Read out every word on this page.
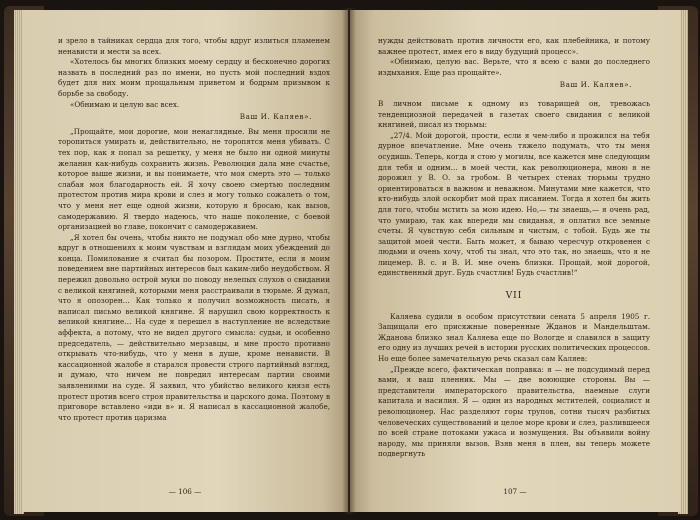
и зрело в тайниках сердца для того, чтобы вдруг излиться пламенем ненависти и мести за всех.

«Хотелось бы многих близких моему сердцу и бесконечно дорогих назвать в последний раз по имени, но пусть мой последний вздох будет для них моим прощальным приветом и бодрым призывом к борьбе за свободу.

«Обнимаю и целую вас всех.

Ваш И. Каляев».

„Прощайте, мои дорогие, мои ненаглядные. Вы меня просили не торопиться умирать и, действительно, не торопятся меня убивать. С тех пор, как я попал за решетку, у меня не было ни одной минуты желания как-нибудь сохранить жизнь. Революция дала мне счастье, которое выше жизни, и вы понимаете, что моя смерть это — только слабая моя благодарность ей. Я хочу своею смертью последним протестом против мира крови и слез и могу только сожалеть о том, что у меня нет еще одной жизни, которую я бросаю, как вызов, самодержавию. Я твердо надеюсь, что наше поколение, с боевой организацией во главе, покончит с самодержавием.

„Я хотел бы очень, чтобы никто не подумал обо мне дурно, чтобы вдруг в отношениях к моим чувствам и взглядам моих убеждений до конца. Помилование я считал бы позором. Простите, если я моим поведением вне партийных интересов был каким-либо неудобством. Я пережил довольно острой муки по поводу нелепых слухов о свидании с великой княгиней, которыми меня расстраивали в тюрьме. Я думал, что я опозорен… Как только я получил возможность писать, я написал письмо великой княгине. Я нарушил свою корректность к великой княгине… На суде я перешел в наступление не вследствие аффекта, а потому, что не видел другого смысла: судьи, и особенно председатель, — действительно мерзавцы, и мне просто противно открывать что-нибудь, что у меня в душе, кроме ненависти. В кассационной жалобе я старался провести строго партийный взгляд, и думаю, что ничем не повредил интересам партии своими заявлениями на суде. Я заявил, что убийство великого князя есть протест против всего строя правительства и царского дома. Поэтому в приговоре вставлено «иди в» и. Я написал в кассационной жалобе, что протест против царизма

— 106 —

нужды действовать против личности его, как плебейника, и потому важнее протест, имея его в виду будущий процесс».

«Обнимаю, целую вас. Верьте, что я всею с вами до последнего издыхания. Еще раз прощайте».

Ваш И. Каляев».

В личном письме к одному из товарищей он, тревожась тенденциозной передачей в газетах своего свидания с великой княгиней, писал из тюрьмы:

„27/4. Мой дорогой, прости, если я чем-либо я прожился на тебя дурное впечатление. Мне очень тяжело подумать, что ты меня осудишь. Теперь, когда я стою у могилы, все кажется мне следующим для тебя и одним… в моей чести, как революционера, мною я не дорожил у В. О. за гробом. В четырех стенах тюрьмы трудно ориентироваться в важном и неважном. Минутами мне кажется, что кто-нибудь злой оскорбит мой прах писанием. Тогда я хотел бы жить для того, чтобы мстить за мою идею. Но,— ты знаешь,— я очень рад, что умираю, так как впереди мы свиданья, я оплатил все земные счеты. Я чувствую себя сильным и чистым, с тобой. Будь же ты защитой моей чести. Быть может, я бываю чересчур откровенен с людьми и очень хочу, чтоб ты знал, что это так, но знаешь, что я не лицемер. В. с. и В. И. мне очень близки. Прощай, мой дорогой, единственный друг. Будь счастлив! Будь счастлив!“

VII

Каляева судили в особом присутствии сената 5 апреля 1905 г. Защищали его присяжные поверенные Жданов и Мандельштам. Жданова близко знал Каляева еще по Вологде и славился в защиту его одну из лучших речей в истории русских политических процессов. Но еще более замечательную речь сказал сам Каляев:

„Прежде всего, фактическая поправка: я — не подсудимый перед вами, я ваш пленник. Мы — две воюющие стороны. Вы — представители императорского правительства, наемные слуги капитала и насилия. Я — один из народных мстителей, социалист и революционер. Нас разделяют горы трупов, сотни тысяч разбитых человеческих существований и целое море крови и слез, разлившееся по всей стране потоками ужаса и возмущения. Вы объявили войну народу, мы приняли вызов. Взяв меня в плен, вы теперь можете подвергнуть

107 —
